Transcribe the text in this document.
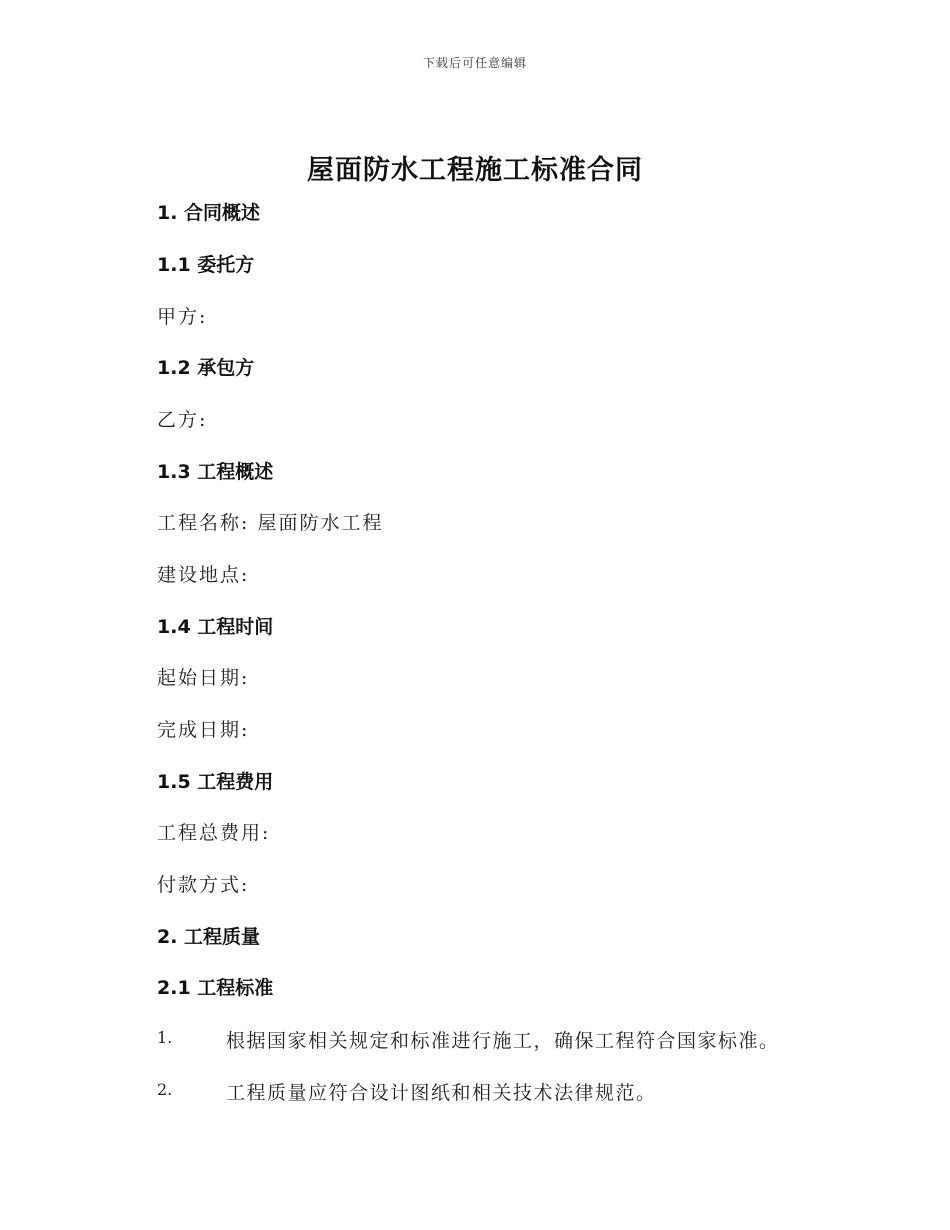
下载后可任意编辑
屋面防水工程施工标准合同
1. 合同概述
1.1 委托方
甲方:
1.2 承包方
乙方:
1.3 工程概述
工程名称: 屋面防水工程
建设地点:
1.4 工程时间
起始日期:
完成日期:
1.5 工程费用
工程总费用:
付款方式:
2. 工程质量
2.1 工程标准
1.	根据国家相关规定和标准进行施工，确保工程符合国家标准。
2.	工程质量应符合设计图纸和相关技术法律规范。
